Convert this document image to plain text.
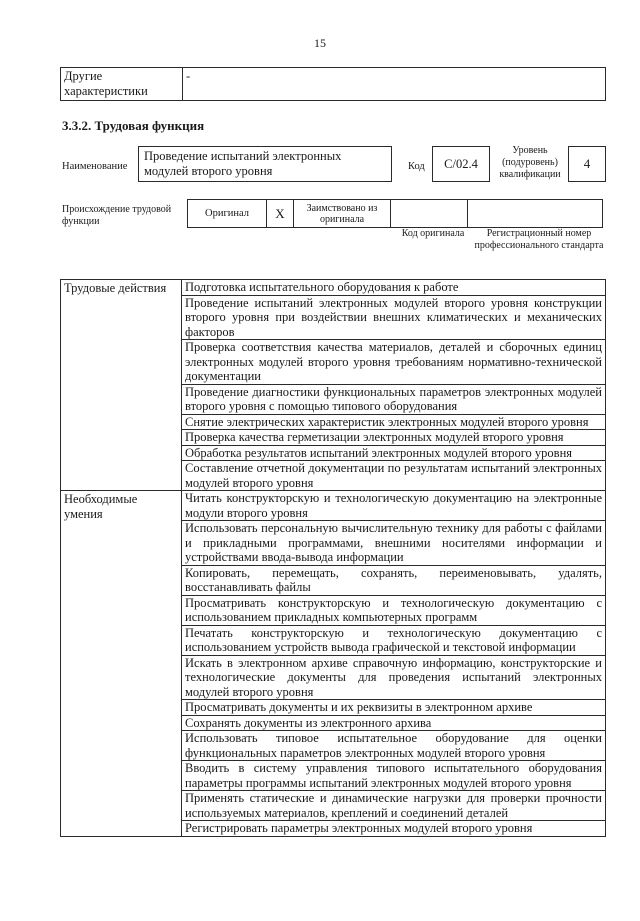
15
Другие характеристики	-
3.3.2. Трудовая функция
Наименование
Проведение испытаний электронных модулей второго уровня	Код	C/02.4
Уровень (подуровень) квалификации
4
Происхождение трудовой функции
Оригинал	X	Заимствовано из оригинала		
Код оригинала	Регистрационный номер профессионального стандарта
Трудовые действия	Подготовка испытательного оборудования к работе
	Проведение испытаний электронных модулей второго уровня конструкции второго уровня при воздействии внешних климатических и механических факторов
	Проверка соответствия качества материалов, деталей и сборочных единиц электронных модулей второго уровня требованиям нормативно-технической документации
	Проведение диагностики функциональных параметров электронных модулей второго уровня с помощью типового оборудования
	Снятие электрических характеристик электронных модулей второго уровня
	Проверка качества герметизации электронных модулей второго уровня
	Обработка результатов испытаний электронных модулей второго уровня
	Составление отчетной документации по результатам испытаний электронных модулей второго уровня
Необходимые умения	Читать конструкторскую и технологическую документацию на электронные модули второго уровня
	Использовать персональную вычислительную технику для работы с файлами и прикладными программами, внешними носителями информации и устройствами ввода-вывода информации
	Копировать, перемещать, сохранять, переименовывать, удалять, восстанавливать файлы
	Просматривать конструкторскую и технологическую документацию с использованием прикладных компьютерных программ
	Печатать конструкторскую и технологическую документацию с использованием устройств вывода графической и текстовой информации
	Искать в электронном архиве справочную информацию, конструкторские и технологические документы для проведения испытаний электронных модулей второго уровня
	Просматривать документы и их реквизиты в электронном архиве
	Сохранять документы из электронного архива
	Использовать типовое испытательное оборудование для оценки функциональных параметров электронных модулей второго уровня
	Вводить в систему управления типового испытательного оборудования параметры программы испытаний электронных модулей второго уровня
	Применять статические и динамические нагрузки для проверки прочности используемых материалов, креплений и соединений деталей
	Регистрировать параметры электронных модулей второго уровня
